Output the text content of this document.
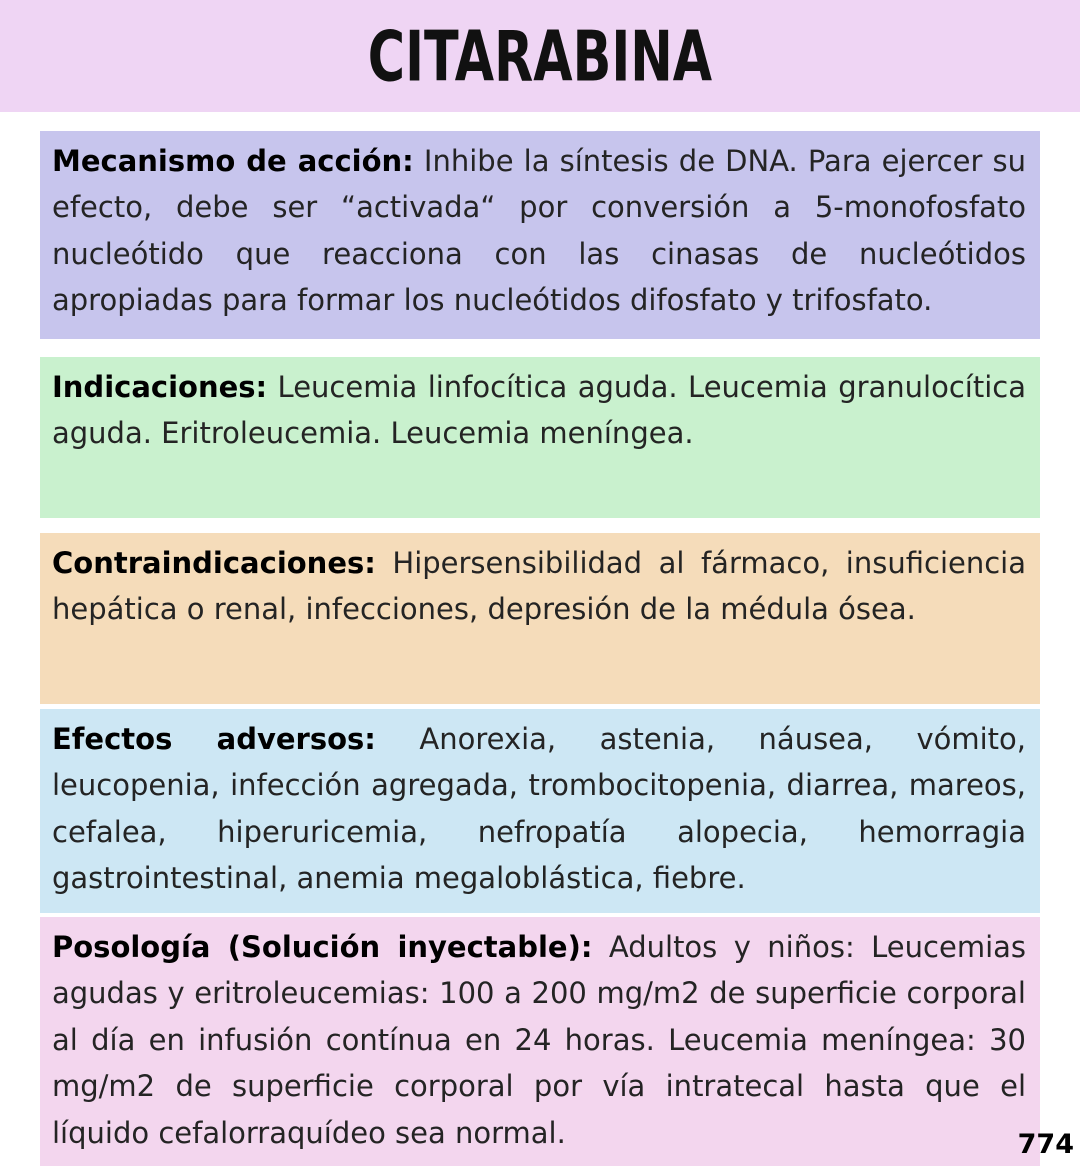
CITARABINA

Mecanismo de acción: Inhibe la síntesis de DNA. Para ejercer su efecto, debe ser “activada“ por conversión a 5-monofosfato nucleótido que reacciona con las cinasas de nucleótidos apropiadas para formar los nucleótidos difosfato y trifosfato.

Indicaciones: Leucemia linfocítica aguda. Leucemia granulocítica aguda. Eritroleucemia. Leucemia meníngea.

Contraindicaciones: Hipersensibilidad al fármaco, insuficiencia hepática o renal, infecciones, depresión de la médula ósea.

Efectos adversos: Anorexia, astenia, náusea, vómito, leucopenia, infección agregada, trombocitopenia, diarrea, mareos, cefalea, hiperuricemia, nefropatía alopecia, hemorragia gastrointestinal, anemia megaloblástica, fiebre.

Posología (Solución inyectable): Adultos y niños: Leucemias agudas y eritroleucemias: 100 a 200 mg/m2 de superficie corporal al día en infusión contínua en 24 horas. Leucemia meníngea: 30 mg/m2 de superficie corporal por vía intratecal hasta que el líquido cefalorraquídeo sea normal.	774
